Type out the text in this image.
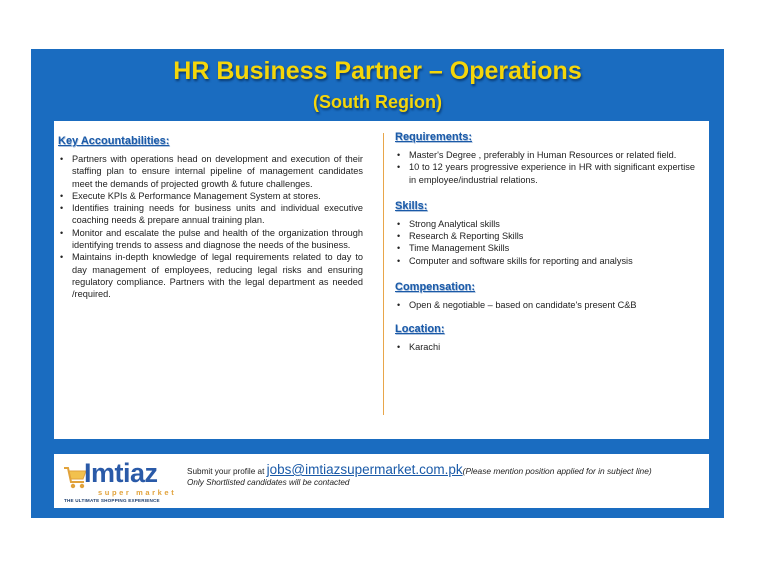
HR Business Partner – Operations
(South Region)
Key Accountabilities:
• Partners with operations head on development and execution of their staffing plan to ensure internal pipeline of management candidates meet the demands of projected growth & future challenges.
• Execute KPIs & Performance Management System at stores.
• Identifies training needs for business units and individual executive coaching needs & prepare annual training plan.
• Monitor and escalate the pulse and health of the organization through identifying trends to assess and diagnose the needs of the business.
• Maintains in-depth knowledge of legal requirements related to day to day management of employees, reducing legal risks and ensuring regulatory compliance. Partners with the legal department as needed /required.
Requirements:
• Master's Degree , preferably in Human Resources or related field.
• 10 to 12 years progressive experience in HR with significant expertise in employee/industrial relations.
Skills:
• Strong Analytical skills
• Research & Reporting Skills
• Time Management Skills
• Computer and software skills for reporting and analysis
Compensation:
• Open & negotiable – based on candidate's present C&B
Location:
• Karachi
Imtiaz
super market
THE ULTIMATE SHOPPING EXPERIENCE
Submit your profile at jobs@imtiazsupermarket.com.pk(Please mention position applied for in subject line)
Only Shortlisted candidates will be contacted
